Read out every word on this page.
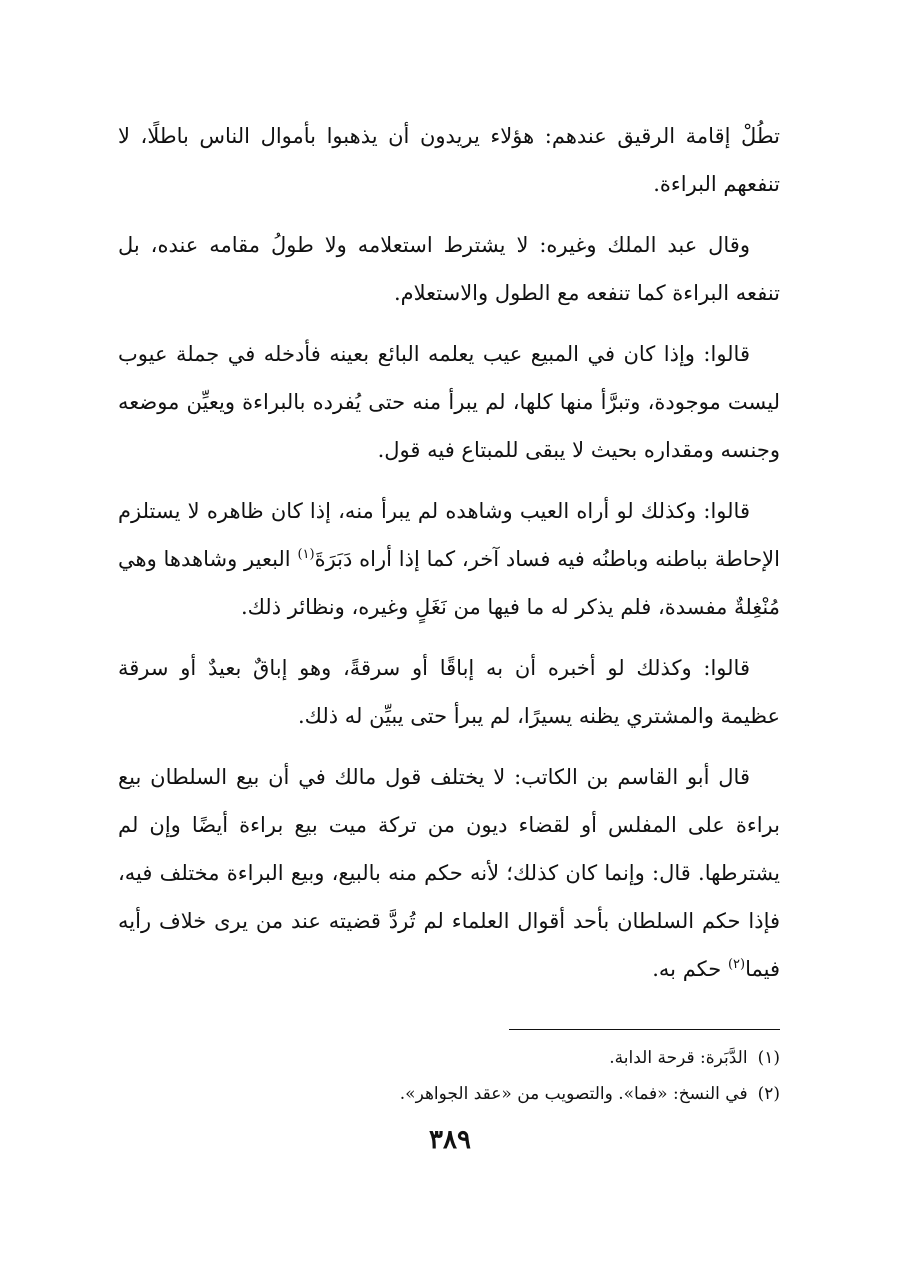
تطُلْ إقامة الرقيق عندهم: هؤلاء يريدون أن يذهبوا بأموال الناس باطلًا، لا تنفعهم البراءة.

وقال عبد الملك وغيره: لا يشترط استعلامه ولا طولُ مقامه عنده، بل تنفعه البراءة كما تنفعه مع الطول والاستعلام.

قالوا: وإذا كان في المبيع عيب يعلمه البائع بعينه فأدخله في جملة عيوب ليست موجودة، وتبرَّأ منها كلها، لم يبرأ منه حتى يُفرده بالبراءة ويعيِّن موضعه وجنسه ومقداره بحيث لا يبقى للمبتاع فيه قول.

قالوا: وكذلك لو أراه العيب وشاهده لم يبرأ منه، إذا كان ظاهره لا يستلزم الإحاطة بباطنه وباطنُه فيه فساد آخر، كما إذا أراه دَبَرَةَ$^{(١)}$ البعير وشاهدها وهي مُنْغِلةٌ مفسدة، فلم يذكر له ما فيها من نَغَلٍ وغيره، ونظائر ذلك.

قالوا: وكذلك لو أخبره أن به إباقًا أو سرقةً، وهو إباقٌ بعيدٌ أو سرقة عظيمة والمشتري يظنه يسيرًا، لم يبرأ حتى يبيِّن له ذلك.

قال أبو القاسم بن الكاتب: لا يختلف قول مالك في أن بيع السلطان بيع براءة على المفلس أو لقضاء ديون من تركة ميت بيع براءة أيضًا وإن لم يشترطها. قال: وإنما كان كذلك؛ لأنه حكم منه بالبيع، وبيع البراءة مختلف فيه، فإذا حكم السلطان بأحد أقوال العلماء لم تُردَّ قضيته عند من يرى خلاف رأيه فيما$^{(٢)}$ حكم به.

(١)الدَّبَرة: قرحة الدابة.

(٢)في النسخ: «فما». والتصويب من «عقد الجواهر».

٣٨٩
